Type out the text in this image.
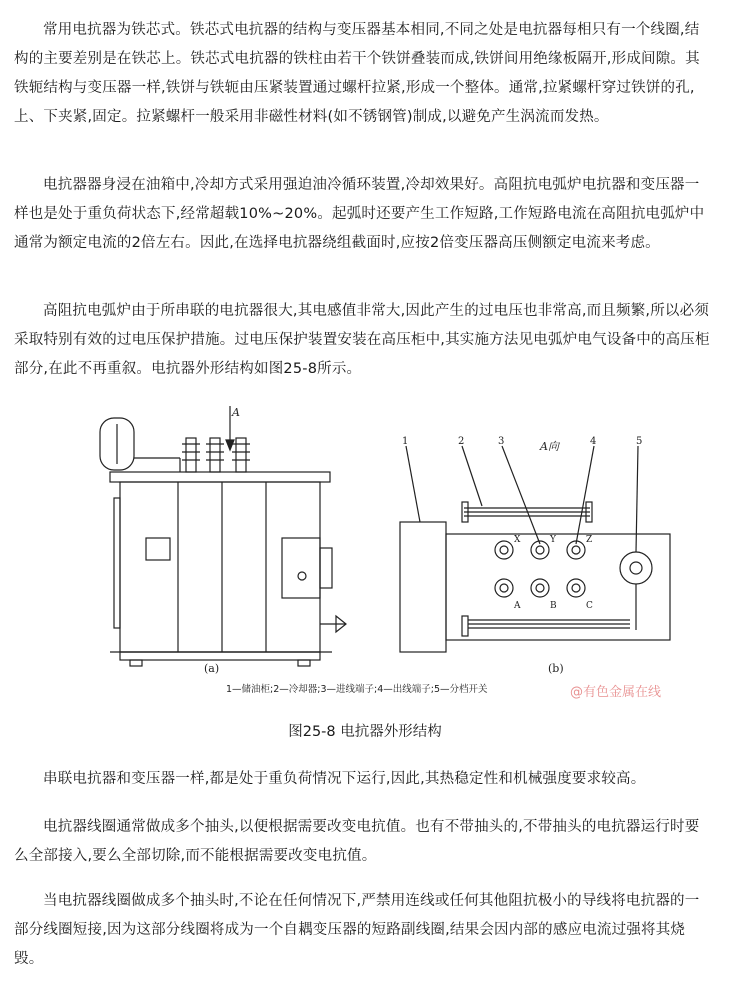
常用电抗器为铁芯式。铁芯式电抗器的结构与变压器基本相同,不同之处是电抗器每相只有一个线圈,结构的主要差别是在铁芯上。铁芯式电抗器的铁柱由若干个铁饼叠装而成,铁饼间用绝缘板隔开,形成间隙。其铁轭结构与变压器一样,铁饼与铁轭由压紧装置通过螺杆拉紧,形成一个整体。通常,拉紧螺杆穿过铁饼的孔,上、下夹紧,固定。拉紧螺杆一般采用非磁性材料(如不锈钢管)制成,以避免产生涡流而发热。

电抗器器身浸在油箱中,冷却方式采用强迫油冷循环装置,冷却效果好。高阻抗电弧炉电抗器和变压器一样也是处于重负荷状态下,经常超载10%~20%。起弧时还要产生工作短路,工作短路电流在高阻抗电弧炉中通常为额定电流的2倍左右。因此,在选择电抗器绕组截面时,应按2倍变压器高压侧额定电流来考虑。

高阻抗电弧炉由于所串联的电抗器很大,其电感值非常大,因此产生的过电压也非常高,而且频繁,所以必须采取特别有效的过电压保护措施。过电压保护装置安装在高压柜中,其实施方法见电弧炉电气设备中的高压柜部分,在此不再重叙。电抗器外形结构如图25-8所示。

A
(a)
1	2	3	4	5
A向
X	Y	Z
A	B	C
(b)
1—储油柜;2—冷却器;3—进线端子;4—出线端子;5—分档开关	@有色金属在线

图25-8 电抗器外形结构

串联电抗器和变压器一样,都是处于重负荷情况下运行,因此,其热稳定性和机械强度要求较高。

电抗器线圈通常做成多个抽头,以便根据需要改变电抗值。也有不带抽头的,不带抽头的电抗器运行时要么全部接入,要么全部切除,而不能根据需要改变电抗值。

当电抗器线圈做成多个抽头时,不论在任何情况下,严禁用连线或任何其他阻抗极小的导线将电抗器的一部分线圈短接,因为这部分线圈将成为一个自耦变压器的短路副线圈,结果会因内部的感应电流过强将其烧毁。
